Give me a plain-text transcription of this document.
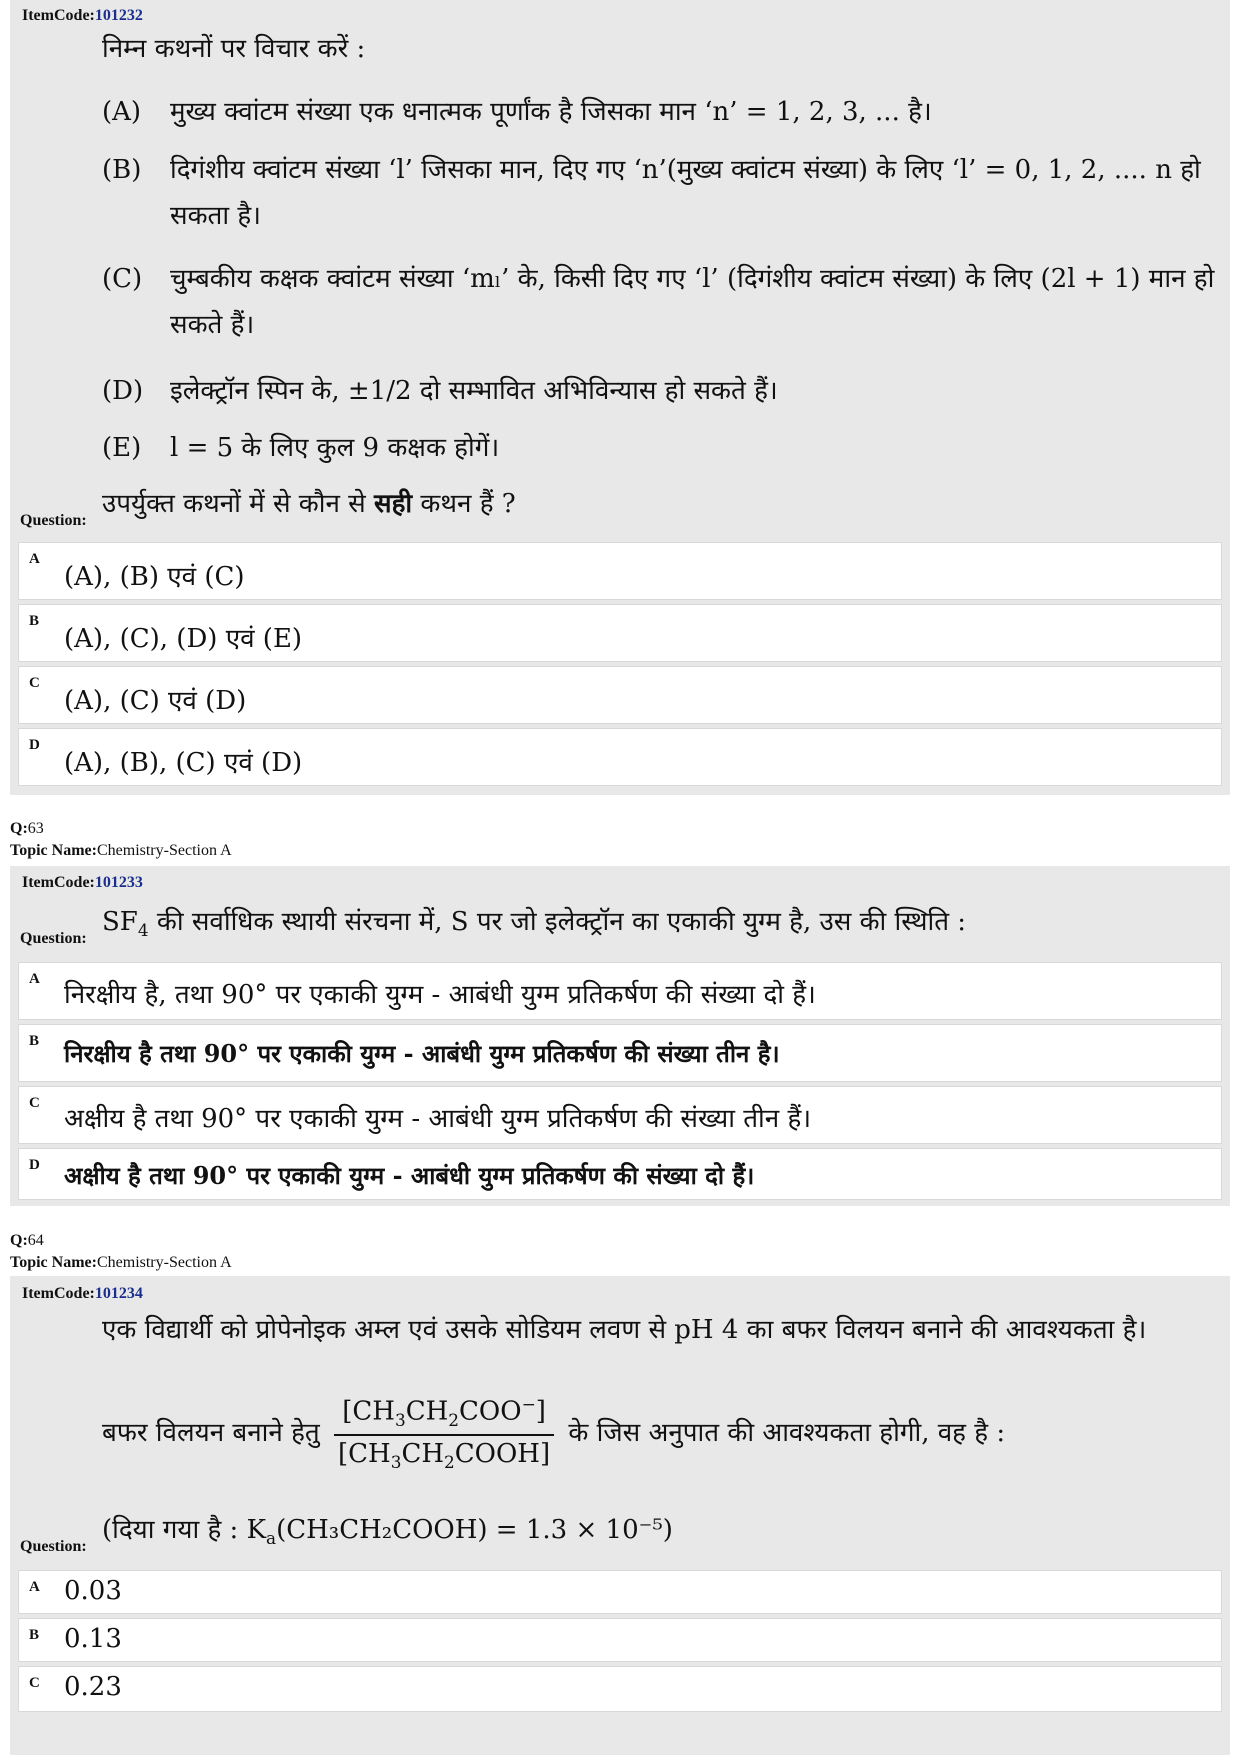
ItemCode:101232
निम्न कथनों पर विचार करें :
(A) मुख्य क्वांटम संख्या एक धनात्मक पूर्णांक है जिसका मान ‘n’ = 1, 2, 3, ... है।
(B) दिगंशीय क्वांटम संख्या ‘l’ जिसका मान, दिए गए ‘n’(मुख्य क्वांटम संख्या) के लिए ‘l’ = 0, 1, 2, .... n हो सकता है।
(C) चुम्बकीय कक्षक क्वांटम संख्या ‘mₗ’ के, किसी दिए गए ‘l’ (दिगंशीय क्वांटम संख्या) के लिए (2l + 1) मान हो सकते हैं।
(D) इलेक्ट्रॉन स्पिन के, ±1/2 दो सम्भावित अभिविन्यास हो सकते हैं।
(E) l = 5 के लिए कुल 9 कक्षक होगें।
Question:
उपर्युक्त कथनों में से कौन से सही कथन हैं ?
A
(A), (B) एवं (C)
B
(A), (C), (D) एवं (E)
C
(A), (C) एवं (D)
D
(A), (B), (C) एवं (D)
Q:63
Topic Name:Chemistry-Section A
ItemCode:101233
Question:
$SF_4$ की सर्वाधिक स्थायी संरचना में, S पर जो इलेक्ट्रॉन का एकाकी युग्म है, उस की स्थिति :
A
निरक्षीय है, तथा 90° पर एकाकी युग्म - आबंधी युग्म प्रतिकर्षण की संख्या दो हैं।
B निरक्षीय है तथा 90° पर एकाकी युग्म - आबंधी युग्म प्रतिकर्षण की संख्या तीन है।
C
अक्षीय है तथा 90° पर एकाकी युग्म - आबंधी युग्म प्रतिकर्षण की संख्या तीन हैं।
D अक्षीय है तथा 90° पर एकाकी युग्म - आबंधी युग्म प्रतिकर्षण की संख्या दो हैं।
Q:64
Topic Name:Chemistry-Section A
ItemCode:101234
एक विद्यार्थी को प्रोपेनोइक अम्ल एवं उसके सोडियम लवण से pH 4 का बफर विलयन बनाने की आवश्यकता है।
बफर विलयन बनाने हेतु $\frac{[CH_3CH_2COO^-]}{[CH_3CH_2COOH]}$ के जिस अनुपात की आवश्यकता होगी, वह है :
Question:
(दिया गया है : $K_a(CH_3CH_2COOH) = 1.3 \times 10^{-5}$)
A 0.03
B 0.13
C 0.23
